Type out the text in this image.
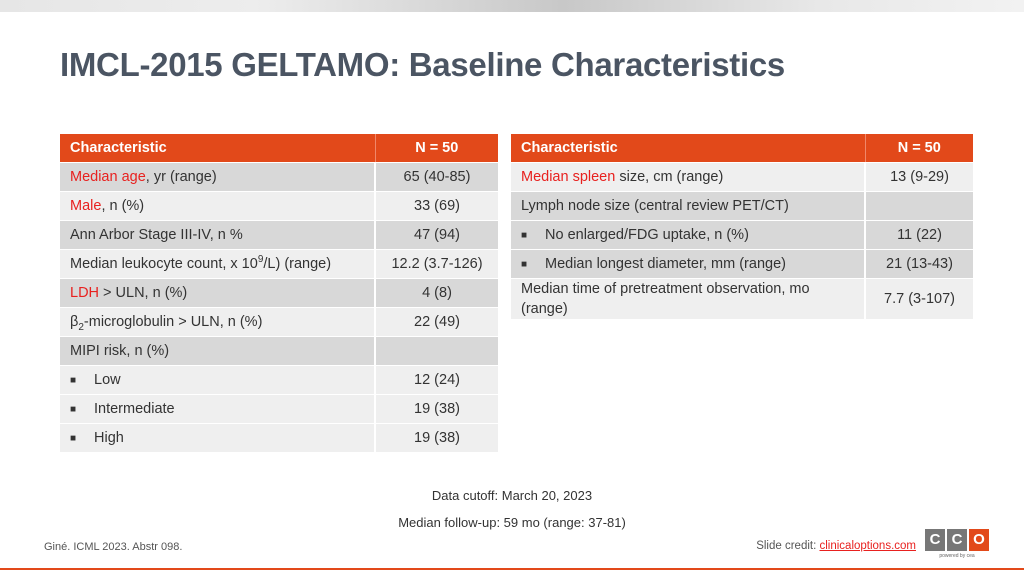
IMCL-2015 GELTAMO: Baseline Characteristics
Characteristic	N = 50
Median age, yr (range)	65 (40-85)
Male, n (%)	33 (69)
Ann Arbor Stage III-IV, n %	47 (94)
Median leukocyte count, x $10^9/L$) (range)	12.2 (3.7-126)
LDH > ULN, n (%)	4 (8)
$\beta_2$-microglobulin > ULN, n (%)	22 (49)
MIPI risk, n (%)	
■ Low	12 (24)
■ Intermediate	19 (38)
■ High	19 (38)
Characteristic	N = 50
Median spleen size, cm (range)	13 (9-29)
Lymph node size (central review PET/CT)	
■ No enlarged/FDG uptake, n (%)	11 (22)
■ Median longest diameter, mm (range)	21 (13-43)
Median time of pretreatment observation, mo (range)	7.7 (3-107)
Data cutoff: March 20, 2023
Median follow-up: 59 mo (range: 37-81)
Giné. ICML 2023. Abstr 098.	Slide credit: clinicaloptions.com C C O
powered by cea
